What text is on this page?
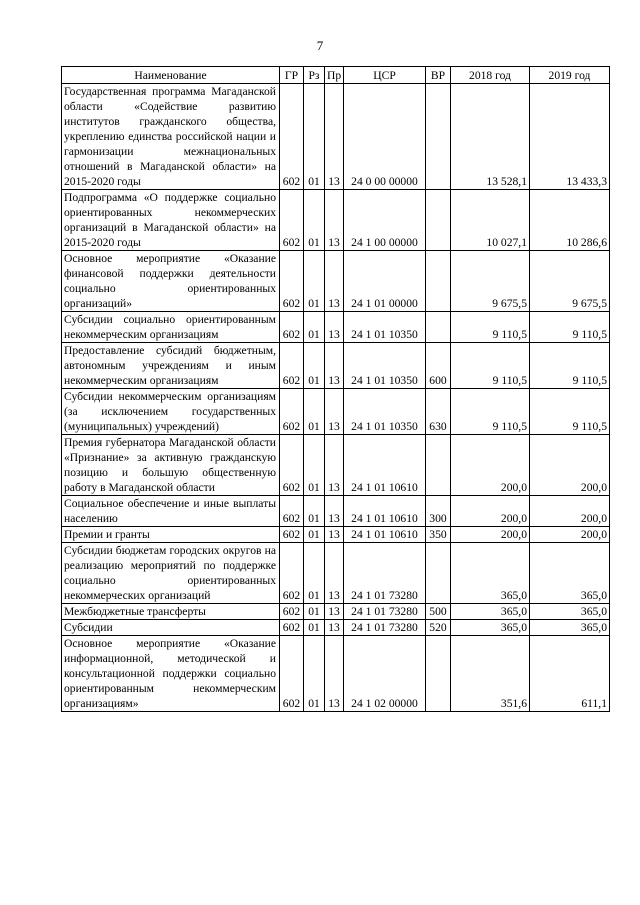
7
Наименование	ГР	Рз	Пр	ЦСР	ВР	2018 год	2019 год
Государственная программа Магаданской области «Содействие развитию институтов гражданского общества, укреплению единства российской нации и гармонизации межнациональных отношений в Магаданской области» на 2015-2020 годы	602	01	13	24 0 00 00000		13 528,1	13 433,3
Подпрограмма «О поддержке социально ориентированных некоммерческих организаций в Магаданской области» на 2015-2020 годы	602	01	13	24 1 00 00000		10 027,1	10 286,6
Основное мероприятие «Оказание финансовой поддержки деятельности социально ориентированных организаций»	602	01	13	24 1 01 00000		9 675,5	9 675,5
Субсидии социально ориентированным некоммерческим организациям	602	01	13	24 1 01 10350		9 110,5	9 110,5
Предоставление субсидий бюджетным, автономным учреждениям и иным некоммерческим организациям	602	01	13	24 1 01 10350	600	9 110,5	9 110,5
Субсидии некоммерческим организациям (за исключением государственных (муниципальных) учреждений)	602	01	13	24 1 01 10350	630	9 110,5	9 110,5
Премия губернатора Магаданской области «Признание» за активную гражданскую позицию и большую общественную работу в Магаданской области	602	01	13	24 1 01 10610		200,0	200,0
Социальное обеспечение и иные выплаты населению	602	01	13	24 1 01 10610	300	200,0	200,0
Премии и гранты	602	01	13	24 1 01 10610	350	200,0	200,0
Субсидии бюджетам городских округов на реализацию мероприятий по поддержке социально ориентированных некоммерческих организаций	602	01	13	24 1 01 73280		365,0	365,0
Межбюджетные трансферты	602	01	13	24 1 01 73280	500	365,0	365,0
Субсидии	602	01	13	24 1 01 73280	520	365,0	365,0
Основное мероприятие «Оказание информационной, методической и консультационной поддержки социально ориентированным некоммерческим организациям»	602	01	13	24 1 02 00000		351,6	611,1
